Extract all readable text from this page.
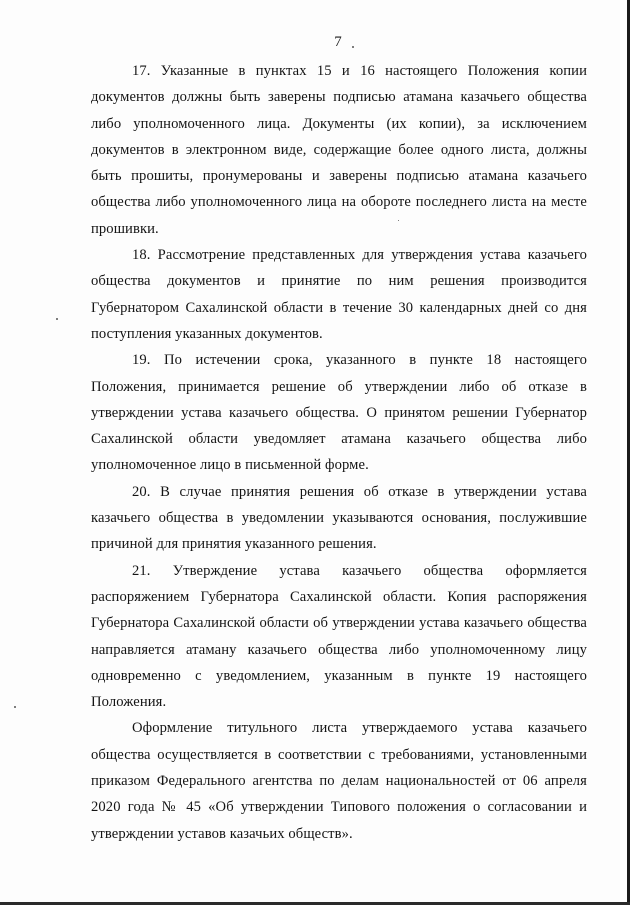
7

17. Указанные в пунктах 15 и 16 настоящего Положения копии документов должны быть заверены подписью атамана казачьего общества либо уполномоченного лица. Документы (их копии), за исключением документов в электронном виде, содержащие более одного листа, должны быть прошиты, пронумерованы и заверены подписью атамана казачьего общества либо уполномоченного лица на обороте последнего листа на месте прошивки.

18. Рассмотрение представленных для утверждения устава казачьего общества документов и принятие по ним решения производится Губернатором Сахалинской области в течение 30 календарных дней со дня поступления указанных документов.

19. По истечении срока, указанного в пункте 18 настоящего Положения, принимается решение об утверждении либо об отказе в утверждении устава казачьего общества. О принятом решении Губернатор Сахалинской области уведомляет атамана казачьего общества либо уполномоченное лицо в письменной форме.

20. В случае принятия решения об отказе в утверждении устава казачьего общества в уведомлении указываются основания, послужившие причиной для принятия указанного решения.

21. Утверждение устава казачьего общества оформляется распоряжением Губернатора Сахалинской области. Копия распоряжения Губернатора Сахалинской области об утверждении устава казачьего общества направляется атаману казачьего общества либо уполномоченному лицу одновременно с уведомлением, указанным в пункте 19 настоящего Положения.

Оформление титульного листа утверждаемого устава казачьего общества осуществляется в соответствии с требованиями, установленными приказом Федерального агентства по делам национальностей от 06 апреля 2020 года № 45 «Об утверждении Типового положения о согласовании и утверждении уставов казачьих обществ».
